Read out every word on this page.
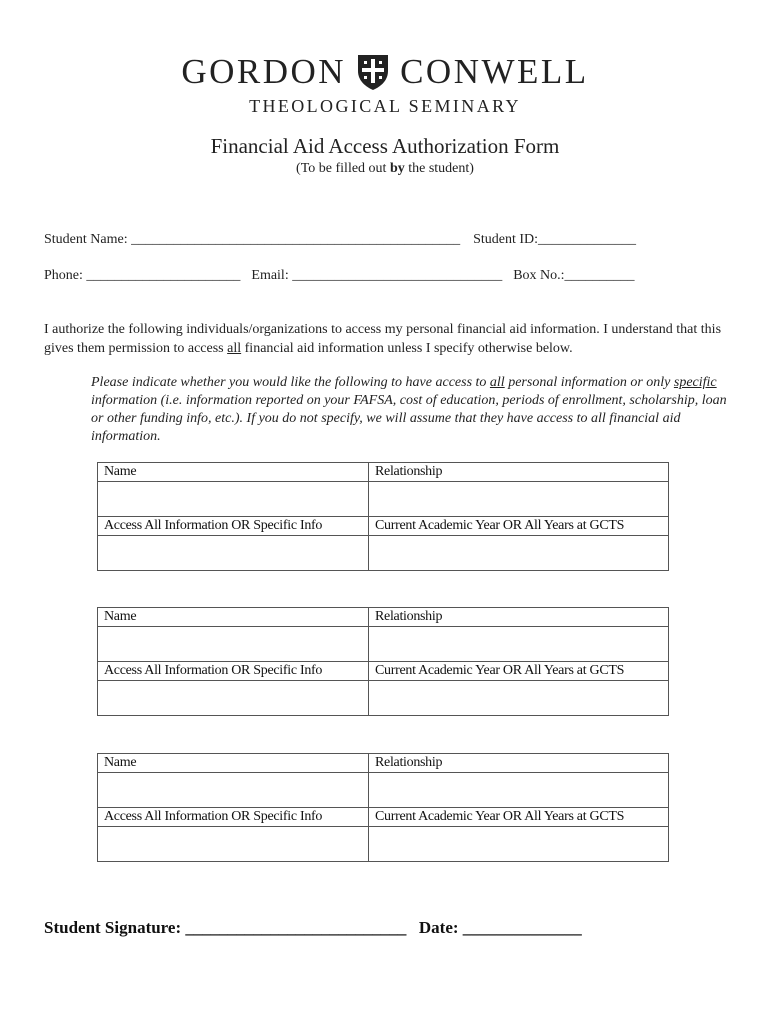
GORDON CONWELL
THEOLOGICAL SEMINARY
Financial Aid Access Authorization Form
(To be filled out by the student)
Student Name: _______________________________________________ Student ID:______________
Phone: ______________________ Email: ______________________________ Box No.:__________
I authorize the following individuals/organizations to access my personal financial aid information. I understand that this gives them permission to access all financial aid information unless I specify otherwise below.
Please indicate whether you would like the following to have access to all personal information or only specific information (i.e. information reported on your FAFSA, cost of education, periods of enrollment, scholarship, loan or other funding info, etc.). If you do not specify, we will assume that they have access to all financial aid information.
Name	Relationship

Access All Information OR Specific Info	Current Academic Year OR All Years at GCTS

Name	Relationship

Access All Information OR Specific Info	Current Academic Year OR All Years at GCTS

Name	Relationship

Access All Information OR Specific Info	Current Academic Year OR All Years at GCTS

Student Signature: __________________________ Date: ______________
